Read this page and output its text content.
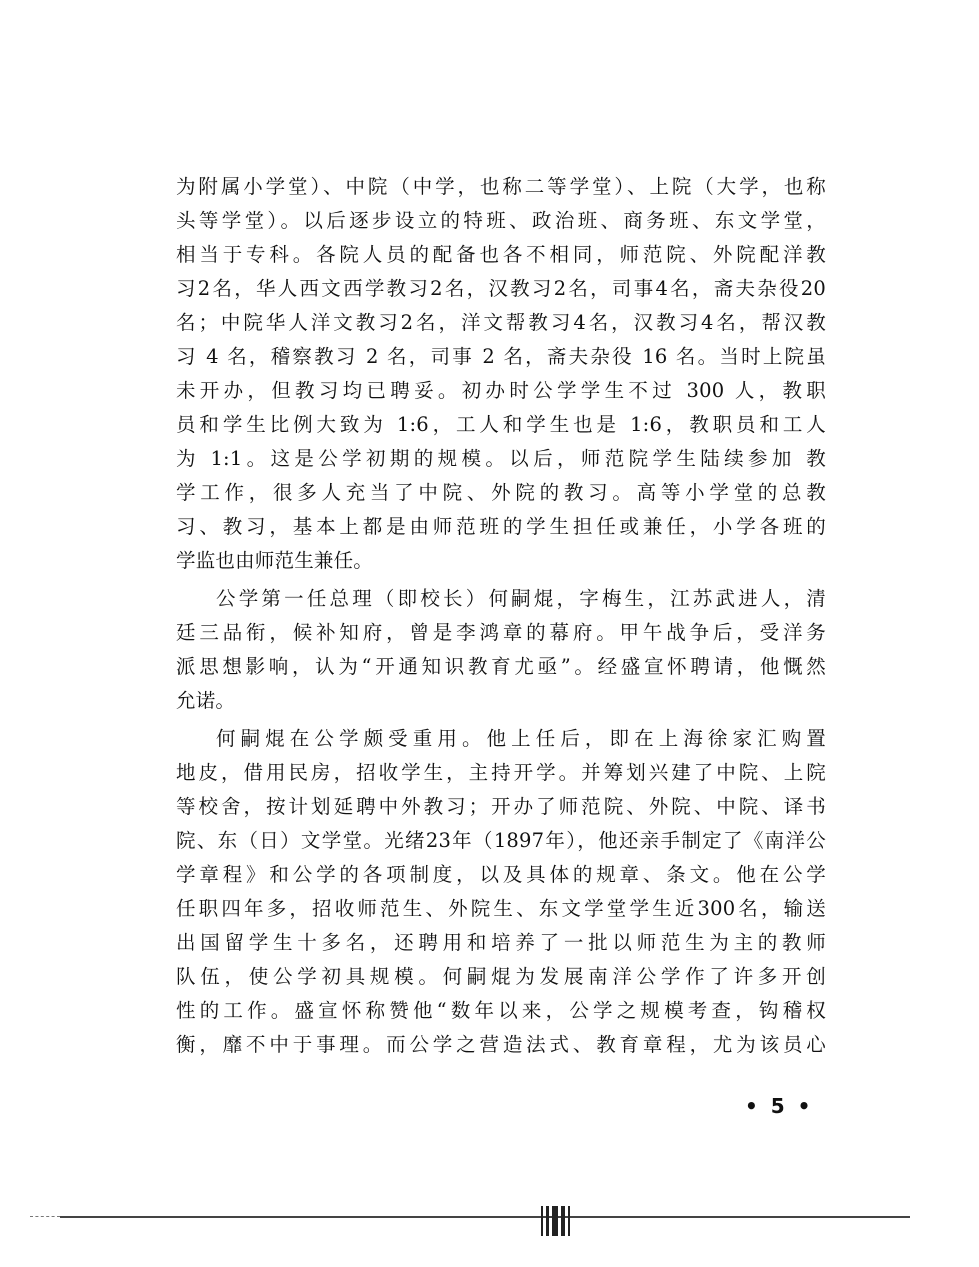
为附属小学堂）、中院（中学，也称二等学堂）、上院（大学，也称
头等学堂）。以后逐步设立的特班、政治班、商务班、东文学堂，
相当于专科。各院人员的配备也各不相同，师范院、外院配洋教
习2名，华人西文西学教习2名，汉教习2名，司事4名，斋夫杂役20
名；中院华人洋文教习2名，洋文帮教习4名，汉教习4名，帮汉教
习 4 名，稽察教习 2 名，司事 2 名，斋夫杂役 16 名。当时上院虽
未开办，但教习均已聘妥。初办时公学学生不过 300 人，教职
员和学生比例大致为 1:6，工人和学生也是 1:6，教职员和工人
为 1:1。这是公学初期的规模。以后，师范院学生陆续参加 教
学工作，很多人充当了中院、外院的教习。高等小学堂的总教
习、教习，基本上都是由师范班的学生担任或兼任，小学各班的
学监也由师范生兼任。
公学第一任总理（即校长）何嗣焜，字梅生，江苏武进人，清
廷三品衔，候补知府，曾是李鸿章的幕府。甲午战争后，受洋务
派思想影响，认为“开通知识教育尤亟”。经盛宣怀聘请，他慨然
允诺。
何嗣焜在公学颇受重用。他上任后，即在上海徐家汇购置
地皮，借用民房，招收学生，主持开学。并筹划兴建了中院、上院
等校舍，按计划延聘中外教习；开办了师范院、外院、中院、译书
院、东（日）文学堂。光绪23年（1897年），他还亲手制定了《南洋公
学章程》和公学的各项制度，以及具体的规章、条文。他在公学
任职四年多，招收师范生、外院生、东文学堂学生近300名，输送
出国留学生十多名，还聘用和培养了一批以师范生为主的教师
队伍，使公学初具规模。何嗣焜为发展南洋公学作了许多开创
性的工作。盛宣怀称赞他“数年以来，公学之规模考查，钩稽权
衡，靡不中于事理。而公学之营造法式、教育章程，尤为该员心
• 5 •
